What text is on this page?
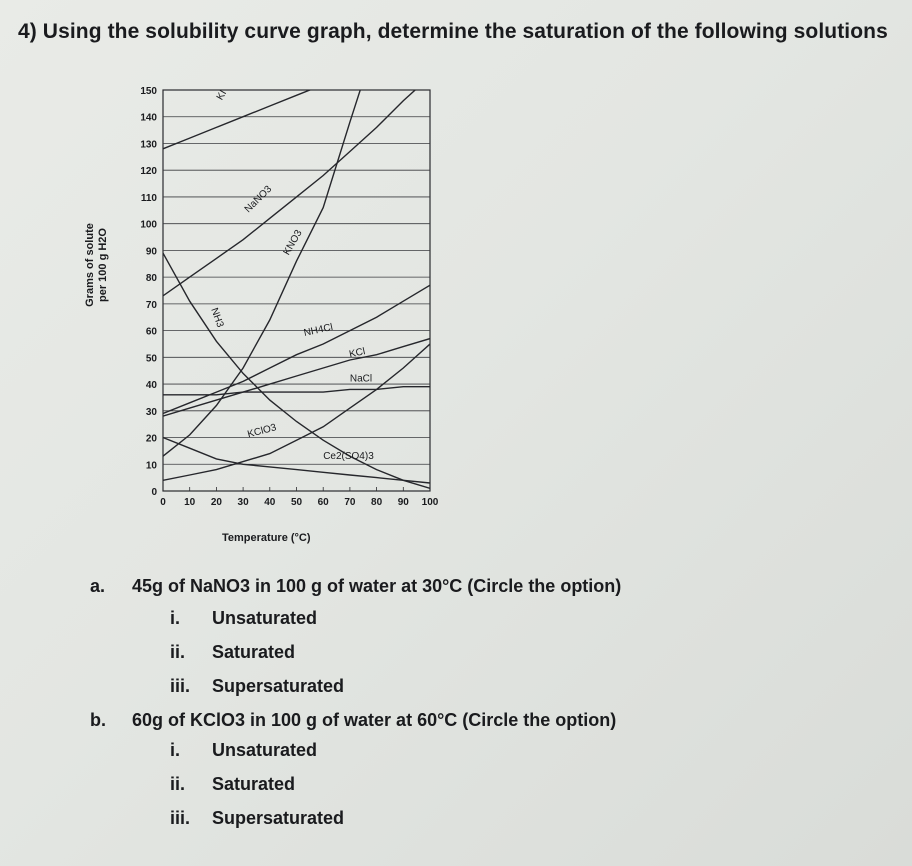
4) Using the solubility curve graph, determine the saturation of the following solutions
0
10
20
30
40
50
60
70
80
90
100
110
120
130
140
150
0 10 20 30 40 50 60 70 80 90 100
KI
NaNO3
KNO3
NH3
NH4Cl
KCl
NaCl
KClO3
Ce2(SO4)3
Grams of solute per 100 g H2O
Temperature (°C)
a. 45g of NaNO3 in 100 g of water at 30°C (Circle the option)
i. Unsaturated
ii. Saturated
iii. Supersaturated
b. 60g of KClO3 in 100 g of water at 60°C (Circle the option)
i. Unsaturated
ii. Saturated
iii. Supersaturated
